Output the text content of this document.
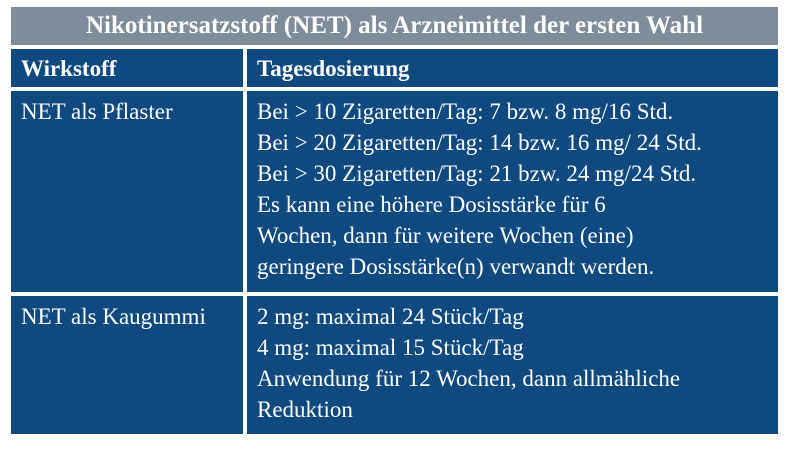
Nikotinersatzstoff (NET) als Arzneimittel der ersten Wahl
Wirkstoff	Tagesdosierung
NET als Pflaster	Bei > 10 Zigaretten/Tag: 7 bzw. 8 mg/16 Std.
Bei > 20 Zigaretten/Tag: 14 bzw. 16 mg/ 24 Std.
Bei > 30 Zigaretten/Tag: 21 bzw. 24 mg/24 Std.
Es kann eine höhere Dosisstärke für 6
Wochen, dann für weitere Wochen (eine)
geringere Dosisstärke(n) verwandt werden.
NET als Kaugummi	2 mg: maximal 24 Stück/Tag
4 mg: maximal 15 Stück/Tag
Anwendung für 12 Wochen, dann allmähliche
Reduktion
